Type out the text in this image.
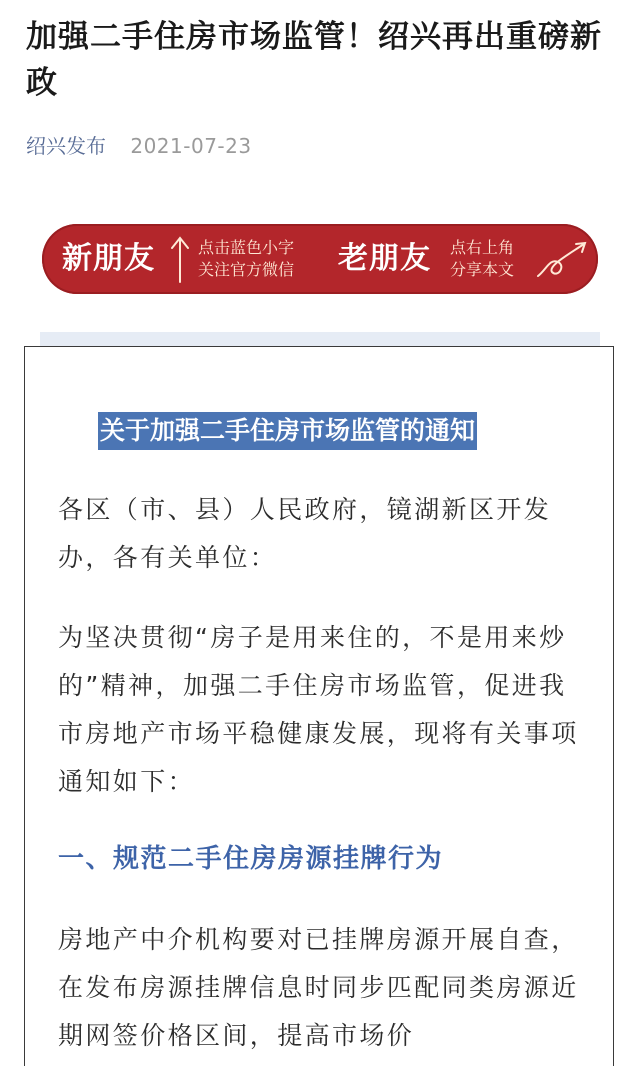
加强二手住房市场监管！绍兴再出重磅新政
绍兴发布 2021-07-23
新朋友	点击蓝色小字
关注官方微信 老朋友 点右上角
分享本文
关于加强二手住房市场监管的通知
各区（市、县）人民政府，镜湖新区开发办，各有关单位：
为坚决贯彻“房子是用来住的，不是用来炒的”精神，加强二手住房市场监管，促进我市房地产市场平稳健康发展，现将有关事项通知如下：
一、规范二手住房房源挂牌行为
房地产中介机构要对已挂牌房源开展自查，在发布房源挂牌信息时同步匹配同类房源近期网签价格区间，提高市场价
